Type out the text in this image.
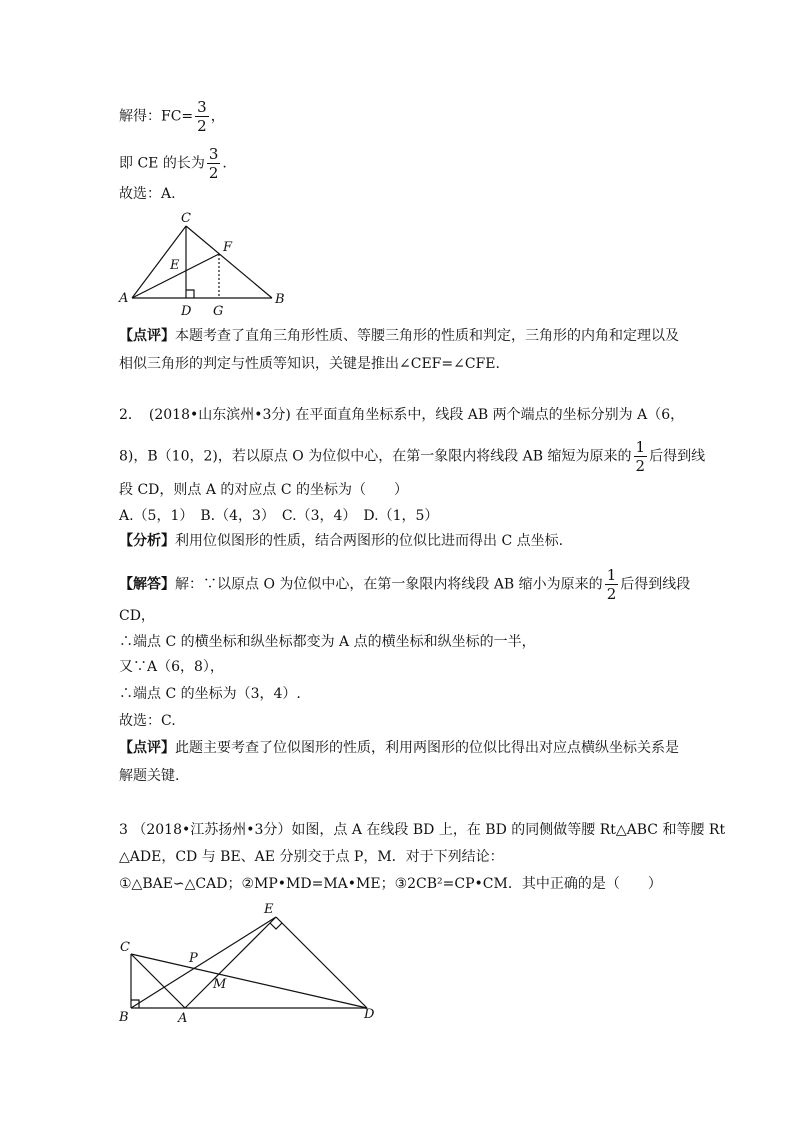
解得：$FC= \frac{3}{2}$ ，
即 CE 的长为 $\frac{3}{2}$ .
故选：A.
C
F
E
A
D G
B
E
C
P
M
B	A	D
【点评】本题考查了直角三角形性质、等腰三角形的性质和判定，三角形的内角和定理以及
相似三角形的判定与性质等知识，关键是推出∠CEF=∠CFE.
2．　(2018•山东滨州•3分) 在平面直角坐标系中，线段 AB 两个端点的坐标分别为 A（6，
8)，B（10，2)，若以原点 O 为位似中心，在第一象限内将线段 AB 缩短为原来的 $\frac{1}{2}$ 后得到线
段 CD，则点 A 的对应点 C 的坐标为（　　）
A.（5，1）　B.（4，3）　C.（3，4）　D.（1，5）
【分析】利用位似图形的性质，结合两图形的位似比进而得出 C 点坐标.
【解答】解：∵以原点 O 为位似中心，在第一象限内将线段 AB 缩小为原来的 $\frac{1}{2}$ 后得到线段
CD，
∴端点 C 的横坐标和纵坐标都变为 A 点的横坐标和纵坐标的一半，
又∵A（6，8），
∴端点 C 的坐标为（3，4）.
故选：C.
【点评】此题主要考查了位似图形的性质，利用两图形的位似比得出对应点横纵坐标关系是
解题关键.
3 （2018•江苏扬州•3分）如图，点 A 在线段 BD 上，在 BD 的同侧做等腰 Rt△ABC 和等腰 Rt
△ADE，CD 与 BE、AE 分别交于点 P，M．对于下列结论：
①△BAE∽△CAD；②MP•MD=MA•ME；③2CB²=CP•CM．其中正确的是（　　）
